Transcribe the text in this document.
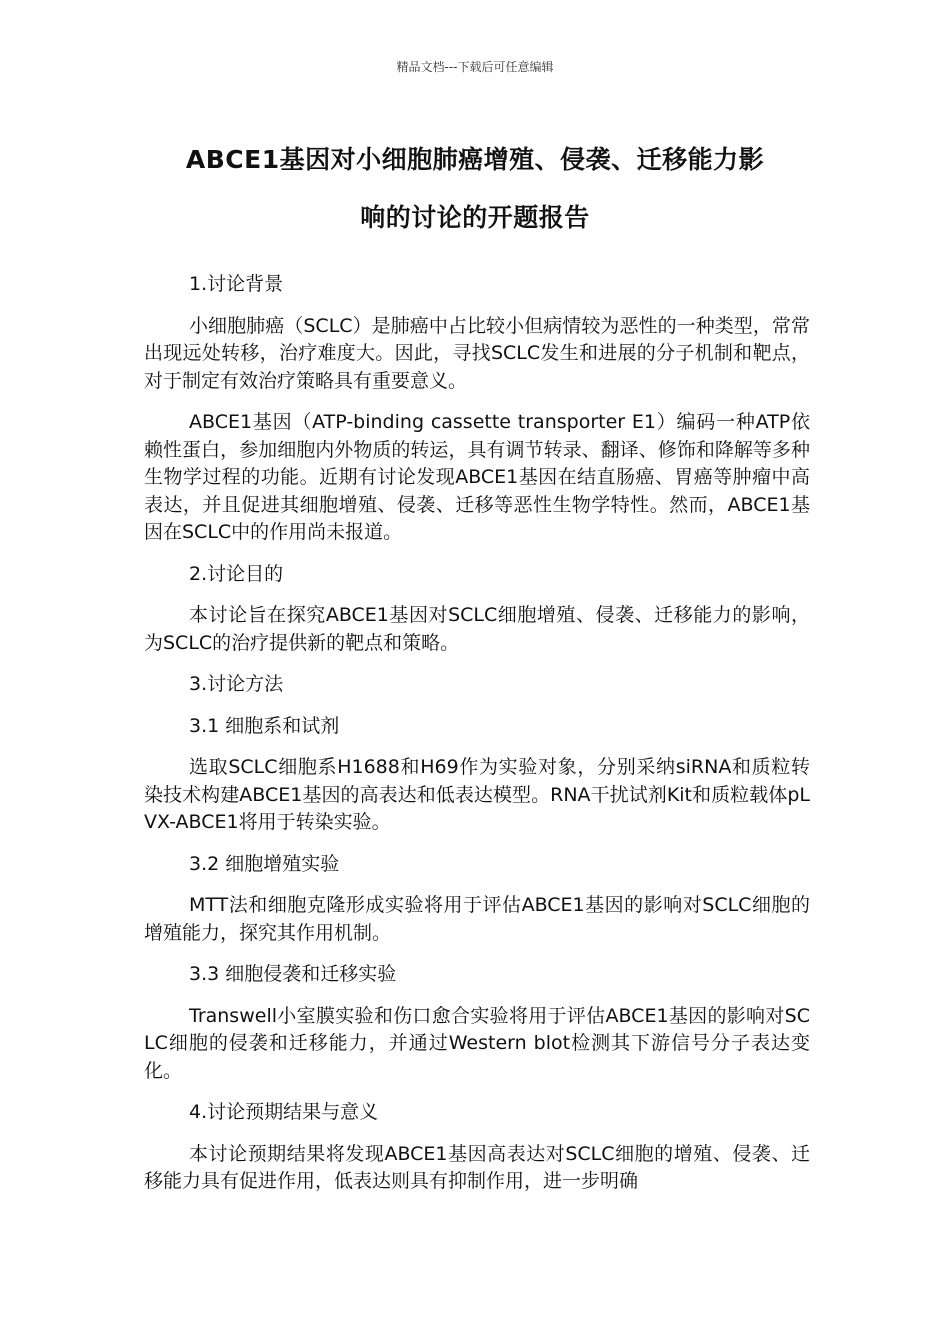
精品文档---下载后可任意编辑
ABCE1基因对小细胞肺癌增殖、侵袭、迁移能力影
响的讨论的开题报告
1.讨论背景

小细胞肺癌（SCLC）是肺癌中占比较小但病情较为恶性的一种类型，常常出现远处转移，治疗难度大。因此，寻找SCLC发生和进展的分子机制和靶点，对于制定有效治疗策略具有重要意义。

ABCE1基因（ATP-binding cassette transporter E1）编码一种ATP依赖性蛋白，参加细胞内外物质的转运，具有调节转录、翻译、修饰和降解等多种生物学过程的功能。近期有讨论发现ABCE1基因在结直肠癌、胃癌等肿瘤中高表达，并且促进其细胞增殖、侵袭、迁移等恶性生物学特性。然而，ABCE1基因在SCLC中的作用尚未报道。

2.讨论目的

本讨论旨在探究ABCE1基因对SCLC细胞增殖、侵袭、迁移能力的影响，为SCLC的治疗提供新的靶点和策略。

3.讨论方法
3.1 细胞系和试剂

选取SCLC细胞系H1688和H69作为实验对象，分别采纳siRNA和质粒转染技术构建ABCE1基因的高表达和低表达模型。RNA干扰试剂Kit和质粒载体pLVX-ABCE1将用于转染实验。

3.2 细胞增殖实验

MTT法和细胞克隆形成实验将用于评估ABCE1基因的影响对SCLC细胞的增殖能力，探究其作用机制。

3.3 细胞侵袭和迁移实验

Transwell小室膜实验和伤口愈合实验将用于评估ABCE1基因的影响对SCLC细胞的侵袭和迁移能力，并通过Western blot检测其下游信号分子表达变化。

4.讨论预期结果与意义

本讨论预期结果将发现ABCE1基因高表达对SCLC细胞的增殖、侵袭、迁移能力具有促进作用，低表达则具有抑制作用，进一步明确
